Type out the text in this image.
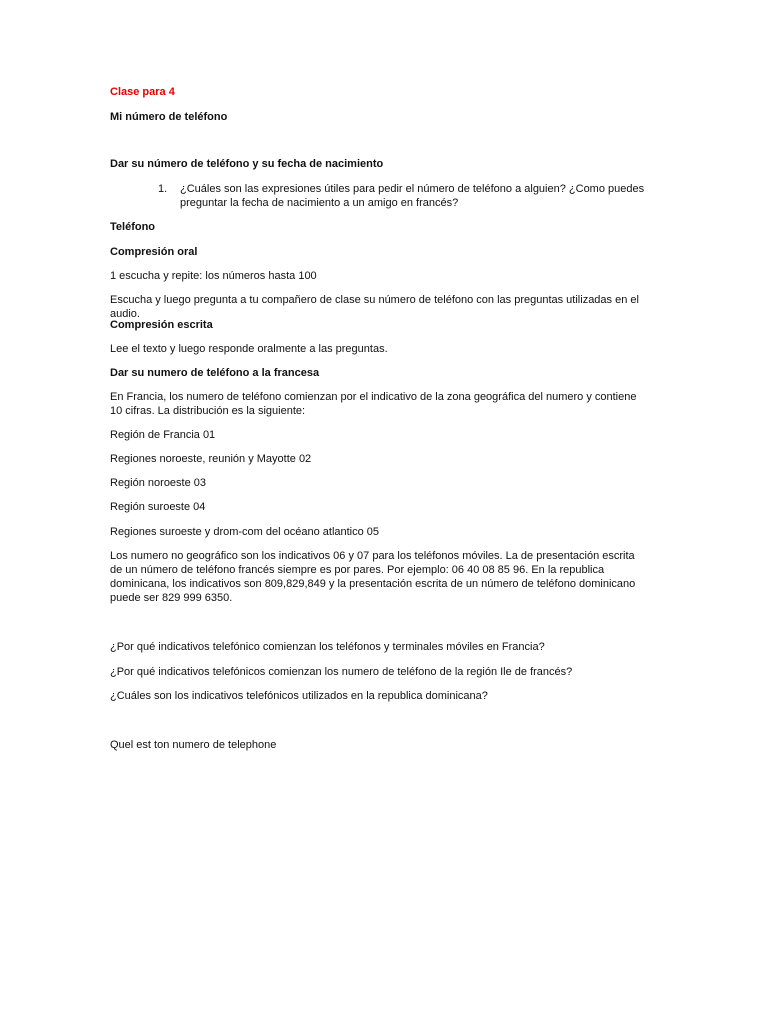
Clase para 4

Mi número de teléfono

Dar su número de teléfono y su fecha de nacimiento

1. ¿Cuáles son las expresiones útiles para pedir el número de teléfono a alguien? ¿Como puedes preguntar la fecha de nacimiento a un amigo en francés?

Teléfono

Compresión oral

1 escucha y repite: los números hasta 100

Escucha y luego pregunta a tu compañero de clase su número de teléfono con las preguntas utilizadas en el audio.

Compresión escrita

Lee el texto y luego responde oralmente a las preguntas.

Dar su numero de teléfono a la francesa

En Francia, los numero de teléfono comienzan por el indicativo de la zona geográfica del numero y contiene 10 cifras. La distribución es la siguiente:

Región de Francia 01

Regiones noroeste, reunión y Mayotte 02

Región noroeste 03

Región suroeste 04

Regiones suroeste y drom-com del océano atlantico 05

Los numero no geográfico son los indicativos 06 y 07 para los teléfonos móviles. La de presentación escrita de un número de teléfono francés siempre es por pares. Por ejemplo: 06 40 08 85 96. En la republica dominicana, los indicativos son 809,829,849 y la presentación escrita de un número de teléfono dominicano puede ser 829 999 6350.

¿Por qué indicativos telefónico comienzan los teléfonos y terminales móviles en Francia?

¿Por qué indicativos telefónicos comienzan los numero de teléfono de la región Ile de francés?

¿Cuáles son los indicativos telefónicos utilizados en la republica dominicana?

Quel est ton numero de telephone
